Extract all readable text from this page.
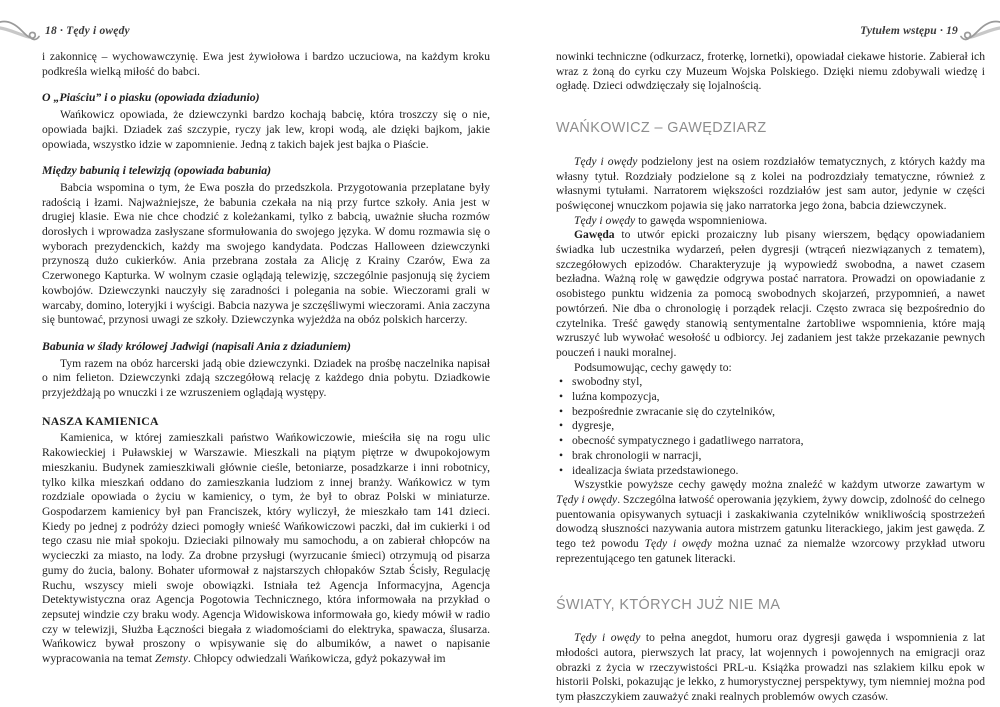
18 · Tędy i owędy	Tytułem wstępu · 19

i zakonnicę – wychowawczynię. Ewa jest żywiołowa i bardzo uczuciowa, na każdym kroku podkreśla wielką miłość do babci.

O „Piaściu” i o piasku (opowiada dziadunio)

Wańkowicz opowiada, że dziewczynki bardzo kochają babcię, która troszczy się o nie, opowiada bajki. Dziadek zaś szczypie, ryczy jak lew, kropi wodą, ale dzięki bajkom, jakie opowiada, wszystko idzie w zapomnienie. Jedną z takich bajek jest bajka o Piaście.

Między babunią i telewizją (opowiada babunia)

Babcia wspomina o tym, że Ewa poszła do przedszkola. Przygotowania przeplatane były radością i łzami. Najważniejsze, że babunia czekała na nią przy furtce szkoły. Ania jest w drugiej klasie. Ewa nie chce chodzić z koleżankami, tylko z babcią, uważnie słucha rozmów dorosłych i wprowadza zasłyszane sformułowania do swojego języka. W domu rozmawia się o wyborach prezydenckich, każdy ma swojego kandydata. Podczas Halloween dziewczynki przynoszą dużo cukierków. Ania przebrana została za Alicję z Krainy Czarów, Ewa za Czerwonego Kapturka. W wolnym czasie oglądają telewizję, szczególnie pasjonują się życiem kowbojów. Dziewczynki nauczyły się zaradności i polegania na sobie. Wieczorami grali w warcaby, domino, loteryjki i wyścigi. Babcia nazywa je szczęśliwymi wieczorami. Ania zaczyna się buntować, przynosi uwagi ze szkoły. Dziewczynka wyjeżdża na obóz polskich harcerzy.

Babunia w ślady królowej Jadwigi (napisali Ania z dziaduniem)

Tym razem na obóz harcerski jadą obie dziewczynki. Dziadek na prośbę naczelnika napisał o nim felieton. Dziewczynki zdają szczegółową relację z każdego dnia pobytu. Dziadkowie przyjeżdżają po wnuczki i ze wzruszeniem oglądają występy.

NASZA KAMIENICA

Kamienica, w której zamieszkali państwo Wańkowiczowie, mieściła się na rogu ulic Rakowieckiej i Puławskiej w Warszawie. Mieszkali na piątym piętrze w dwupokojowym mieszkaniu. Budynek zamieszkiwali głównie cieśle, betoniarze, posadzkarze i inni robotnicy, tylko kilka mieszkań oddano do zamieszkania ludziom z innej branży. Wańkowicz w tym rozdziale opowiada o życiu w kamienicy, o tym, że był to obraz Polski w miniaturze. Gospodarzem kamienicy był pan Franciszek, który wyliczył, że mieszkało tam 141 dzieci. Kiedy po jednej z podróży dzieci pomogły wnieść Wańkowiczowi paczki, dał im cukierki i od tego czasu nie miał spokoju. Dzieciaki pilnowały mu samochodu, a on zabierał chłopców na wycieczki za miasto, na lody. Za drobne przysługi (wyrzucanie śmieci) otrzymują od pisarza gumy do żucia, balony. Bohater uformował z najstarszych chłopaków Sztab Ścisły, Regulację Ruchu, wszyscy mieli swoje obowiązki. Istniała też Agencja Informacyjna, Agencja Detektywistyczna oraz Agencja Pogotowia Technicznego, która informowała na przykład o zepsutej windzie czy braku wody. Agencja Widowiskowa informowała go, kiedy mówił w radio czy w telewizji, Służba Łączności biegała z wiadomościami do elektryka, spawacza, ślusarza. Wańkowicz bywał proszony o wpisywanie się do albumików, a nawet o napisanie wypracowania na temat Zemsty. Chłopcy odwiedzali Wańkowicza, gdyż pokazywał im

nowinki techniczne (odkurzacz, froterkę, lornetki), opowiadał ciekawe historie. Zabierał ich wraz z żoną do cyrku czy Muzeum Wojska Polskiego. Dzięki niemu zdobywali wiedzę i ogładę. Dzieci odwdzięczały się lojalnością.

WAŃKOWICZ – GAWĘDZIARZ

Tędy i owędy podzielony jest na osiem rozdziałów tematycznych, z których każdy ma własny tytuł. Rozdziały podzielone są z kolei na podrozdziały tematyczne, również z własnymi tytułami. Narratorem większości rozdziałów jest sam autor, jedynie w części poświęconej wnuczkom pojawia się jako narratorka jego żona, babcia dziewczynek.

Tędy i owędy to gawęda wspomnieniowa.

Gawęda to utwór epicki prozaiczny lub pisany wierszem, będący opowiadaniem świadka lub uczestnika wydarzeń, pełen dygresji (wtrąceń niezwiązanych z tematem), szczegółowych epizodów. Charakteryzuje ją wypowiedź swobodna, a nawet czasem bezładna. Ważną rolę w gawędzie odgrywa postać narratora. Prowadzi on opowiadanie z osobistego punktu widzenia za pomocą swobodnych skojarzeń, przypomnień, a nawet powtórzeń. Nie dba o chronologię i porządek relacji. Często zwraca się bezpośrednio do czytelnika. Treść gawędy stanowią sentymentalne żartobliwe wspomnienia, które mają wzruszyć lub wywołać wesołość u odbiorcy. Jej zadaniem jest także przekazanie pewnych pouczeń i nauki moralnej.

Podsumowując, cechy gawędy to:

• swobodny styl,
• luźna kompozycja,
• bezpośrednie zwracanie się do czytelników,
• dygresje,
• obecność sympatycznego i gadatliwego narratora,
• brak chronologii w narracji,
• idealizacja świata przedstawionego.

Wszystkie powyższe cechy gawędy można znaleźć w każdym utworze zawartym w Tędy i owędy. Szczególna łatwość operowania językiem, żywy dowcip, zdolność do celnego puentowania opisywanych sytuacji i zaskakiwania czytelników wnikliwością spostrzeżeń dowodzą słuszności nazywania autora mistrzem gatunku literackiego, jakim jest gawęda. Z tego też powodu Tędy i owędy można uznać za niemalże wzorcowy przykład utworu reprezentującego ten gatunek literacki.

ŚWIATY, KTÓRYCH JUŻ NIE MA

Tędy i owędy to pełna anegdot, humoru oraz dygresji gawęda i wspomnienia z lat młodości autora, pierwszych lat pracy, lat wojennych i powojennych na emigracji oraz obrazki z życia w rzeczywistości PRL-u. Książka prowadzi nas szlakiem kilku epok w historii Polski, pokazując je lekko, z humorystycznej perspektywy, tym niemniej można pod tym płaszczykiem zauważyć znaki realnych problemów owych czasów.
